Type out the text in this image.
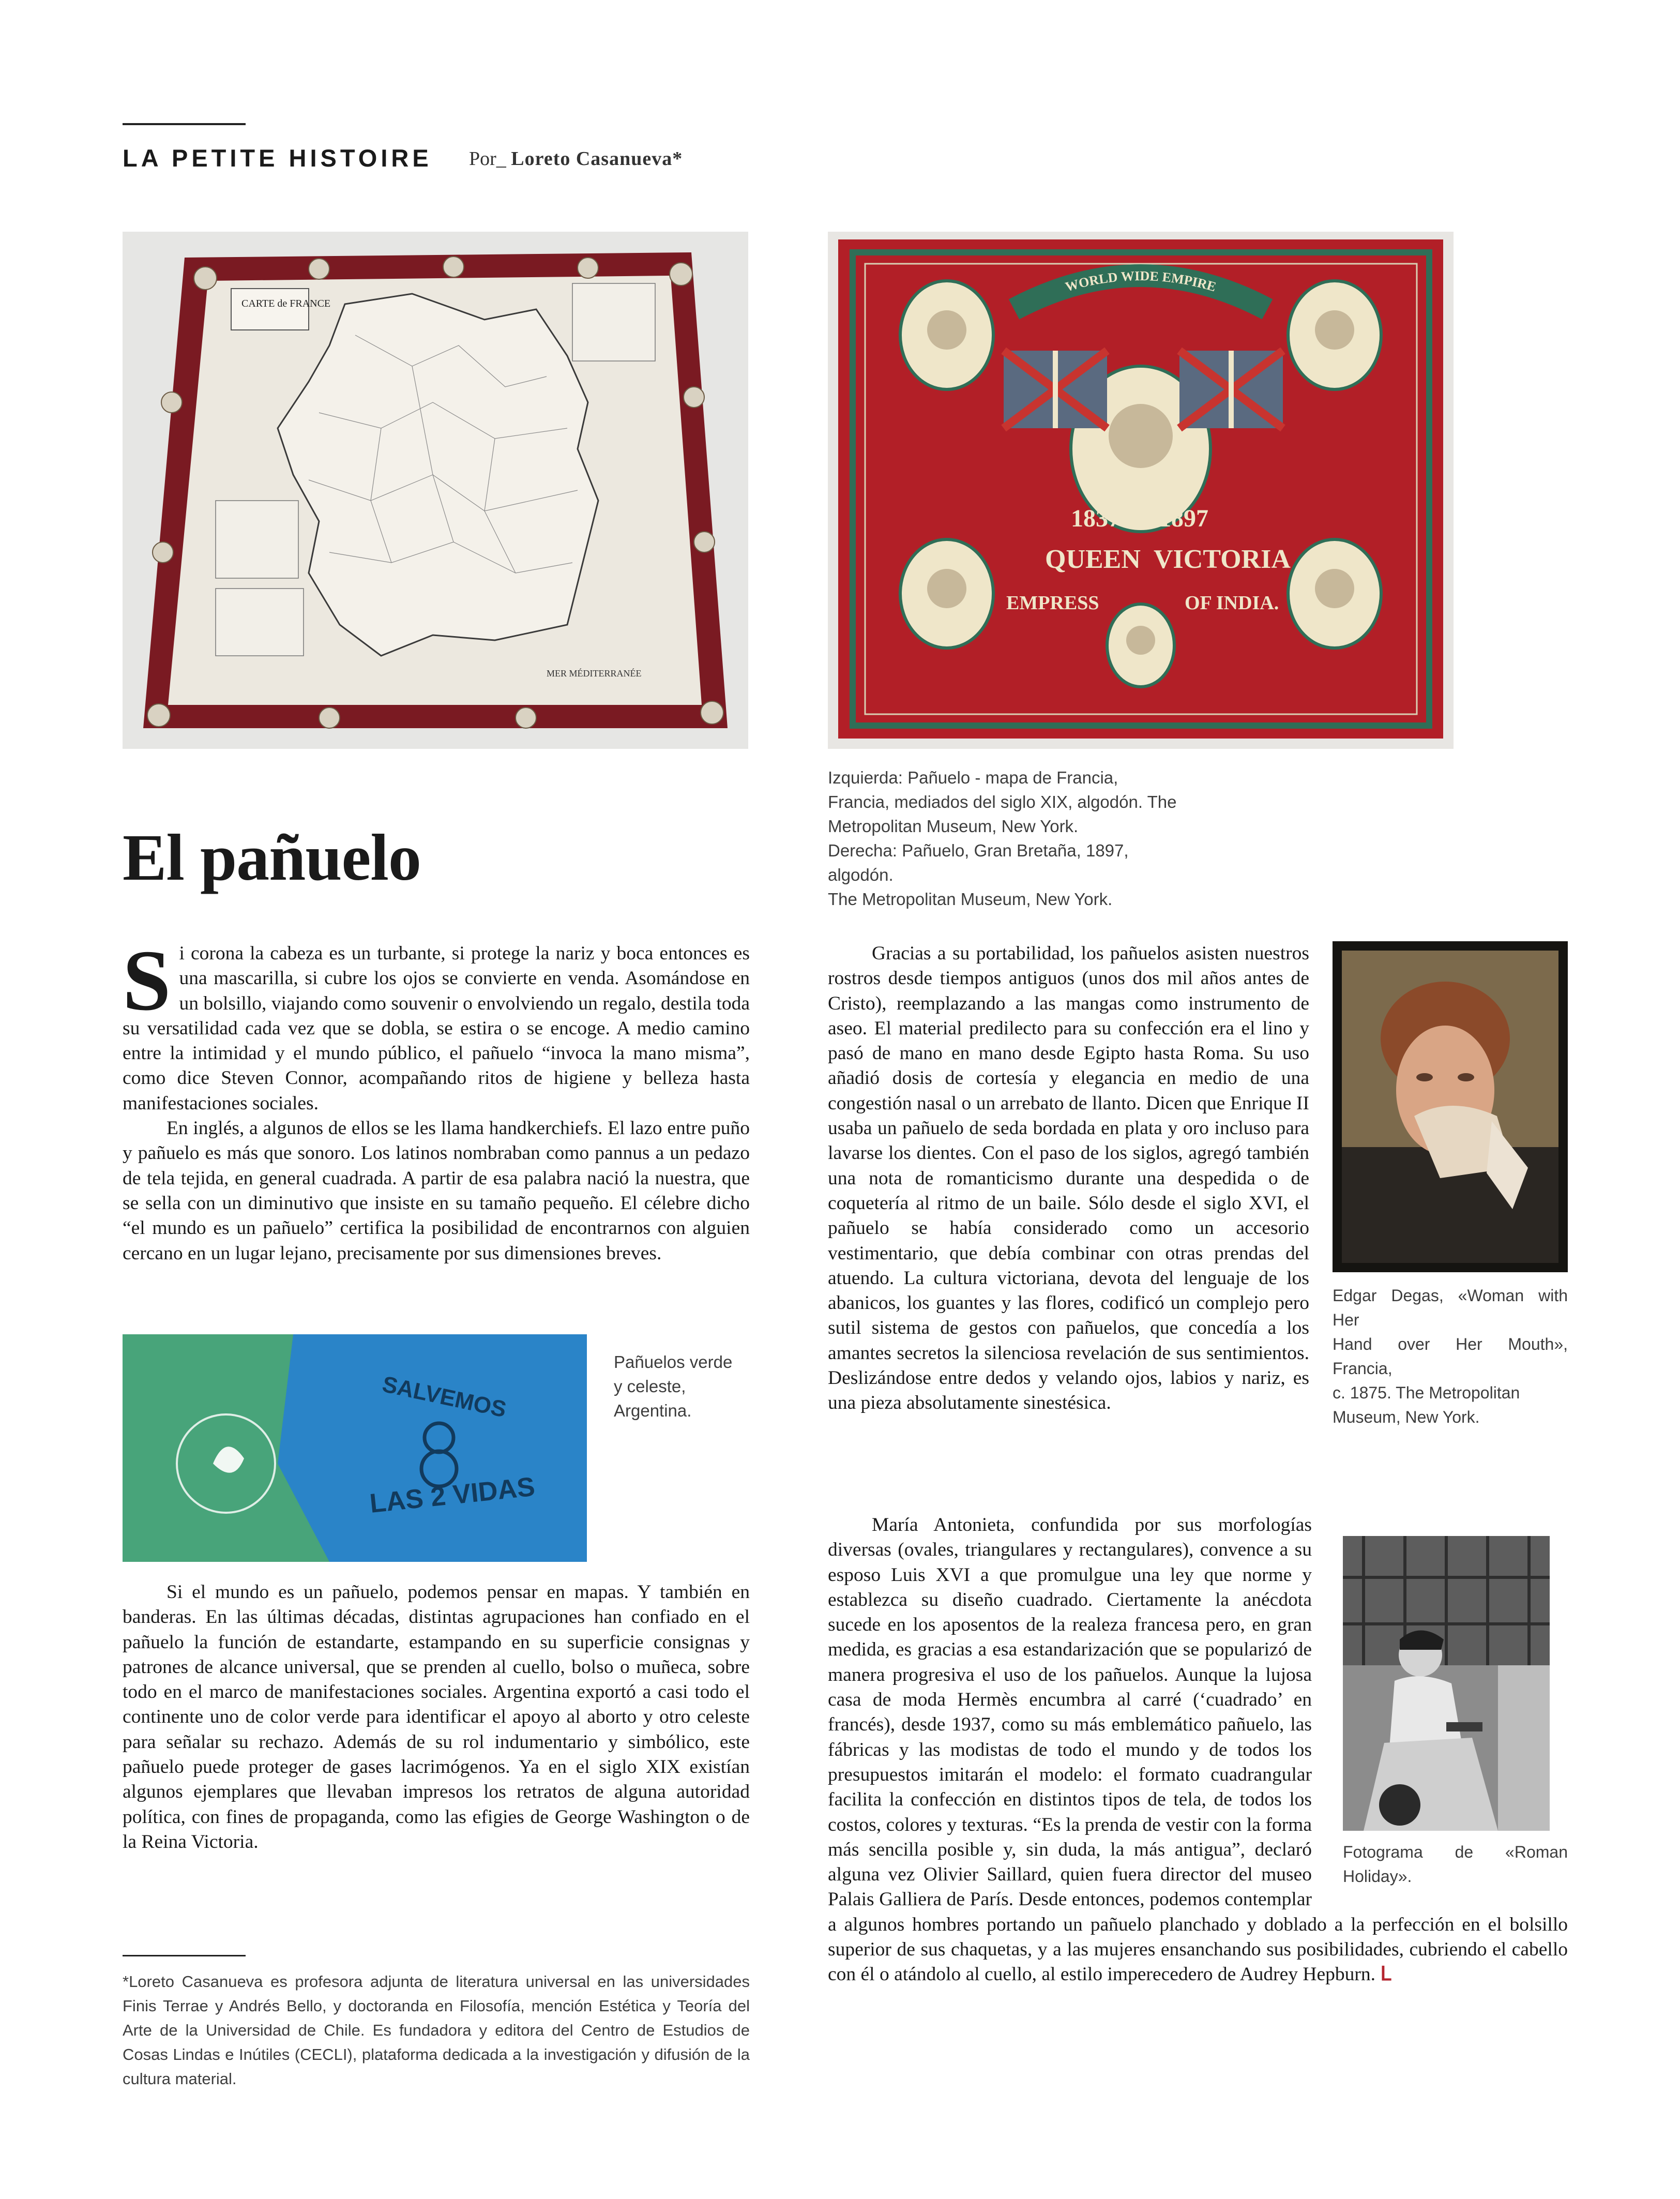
LA PETITE HISTOIRE Por_ Loreto Casanueva*
CARTE de FRANCE
MER MÉDITERRANÉE
WORLD WIDE EMPIRE
1837 1897
QUEEN VICTORIA
EMPRESS	OF INDIA.
Izquierda: Pañuelo - mapa de Francia,
Francia, mediados del siglo XIX, algodón. The
Metropolitan Museum, New York.
Derecha: Pañuelo, Gran Bretaña, 1897, algodón.
The Metropolitan Museum, New York.
El pañuelo

Si corona la cabeza es un turbante, si protege la nariz y boca entonces es una mascarilla, si cubre los ojos se convierte en venda. Asomándose en un bolsillo, viajando como souvenir o envolviendo un regalo, destila toda su versatilidad cada vez que se dobla, se estira o se encoge. A medio camino entre la intimidad y el mundo público, el pañuelo “invoca la mano misma”, como dice Steven Connor, acompañando ritos de higiene y belleza hasta manifestaciones sociales.

En inglés, a algunos de ellos se les llama handkerchiefs. El lazo entre puño y pañuelo es más que sonoro. Los latinos nombraban como pannus a un pedazo de tela tejida, en general cuadrada. A partir de esa palabra nació la nuestra, que se sella con un diminutivo que insiste en su tamaño pequeño. El célebre dicho “el mundo es un pañuelo” certifica la posibilidad de encontrarnos con alguien cercano en un lugar lejano, precisamente por sus dimensiones breves.

SALVEMOS
LAS 2 VIDAS
Pañuelos verde
y celeste,
Argentina.

Si el mundo es un pañuelo, podemos pensar en mapas. Y también en banderas. En las últimas décadas, distintas agrupaciones han confiado en el pañuelo la función de estandarte, estampando en su superficie consignas y patrones de alcance universal, que se prenden al cuello, bolso o muñeca, sobre todo en el marco de manifestaciones sociales. Argentina exportó a casi todo el continente uno de color verde para identificar el apoyo al aborto y otro celeste para señalar su rechazo. Además de su rol indumentario y simbólico, este pañuelo puede proteger de gases lacrimógenos. Ya en el siglo XIX existían algunos ejemplares que llevaban impresos los retratos de alguna autoridad política, con fines de propaganda, como las efigies de George Washington o de la Reina Victoria.

*Loreto Casanueva es profesora adjunta de literatura universal en las universidades Finis Terrae y Andrés Bello, y doctoranda en Filosofía, mención Estética y Teoría del Arte de la Universidad de Chile. Es fundadora y editora del Centro de Estudios de Cosas Lindas e Inútiles (CECLI), plataforma dedicada a la investigación y difusión de la cultura material.
Edgar Degas, «Woman with Her
Hand over Her Mouth», Francia,
c. 1875. The Metropolitan
Museum, New York.

Gracias a su portabilidad, los pañuelos asisten nuestros rostros desde tiempos antiguos (unos dos mil años antes de Cristo), reemplazando a las mangas como instrumento de aseo. El material predilecto para su confección era el lino y pasó de mano en mano desde Egipto hasta Roma. Su uso añadió dosis de cortesía y elegancia en medio de una congestión nasal o un arrebato de llanto. Dicen que Enrique II usaba un pañuelo de seda bordada en plata y oro incluso para lavarse los dientes. Con el paso de los siglos, agregó también una nota de romanticismo durante una despedida o de coquetería al ritmo de un baile. Sólo desde el siglo XVI, el pañuelo se había considerado como un accesorio vestimentario, que debía combinar con otras prendas del atuendo. La cultura victoriana, devota del lenguaje de los abanicos, los guantes y las flores, codificó un complejo pero sutil sistema de gestos con pañuelos, que concedía a los amantes secretos la silenciosa revelación de sus sentimientos. Deslizándose entre dedos y velando ojos, labios y nariz, es una pieza absolutamente sinestésica.

Fotograma de «Roman Holiday».

María Antonieta, confundida por sus morfologías diversas (ovales, triangulares y rectangulares), convence a su esposo Luis XVI a que promulgue una ley que norme y establezca su diseño cuadrado. Ciertamente la anécdota sucede en los aposentos de la realeza francesa pero, en gran medida, es gracias a esa estandarización que se popularizó de manera progresiva el uso de los pañuelos. Aunque la lujosa casa de moda Hermès encumbra al carré (‘cuadrado’ en francés), desde 1937, como su más emblemático pañuelo, las fábricas y las modistas de todo el mundo y de todos los presupuestos imitarán el modelo: el formato cuadrangular facilita la confección en distintos tipos de tela, de todos los costos, colores y texturas. “Es la prenda de vestir con la forma más sencilla posible y, sin duda, la más antigua”, declaró alguna vez Olivier Saillard, quien fuera director del museo Palais Galliera de París. Desde entonces, podemos contemplar a algunos hombres portando un pañuelo planchado y doblado a la perfección en el bolsillo superior de sus chaquetas, y a las mujeres ensanchando sus posibilidades, cubriendo el cabello con él o atándolo al cuello, al estilo imperecedero de Audrey Hepburn. ᒪ
